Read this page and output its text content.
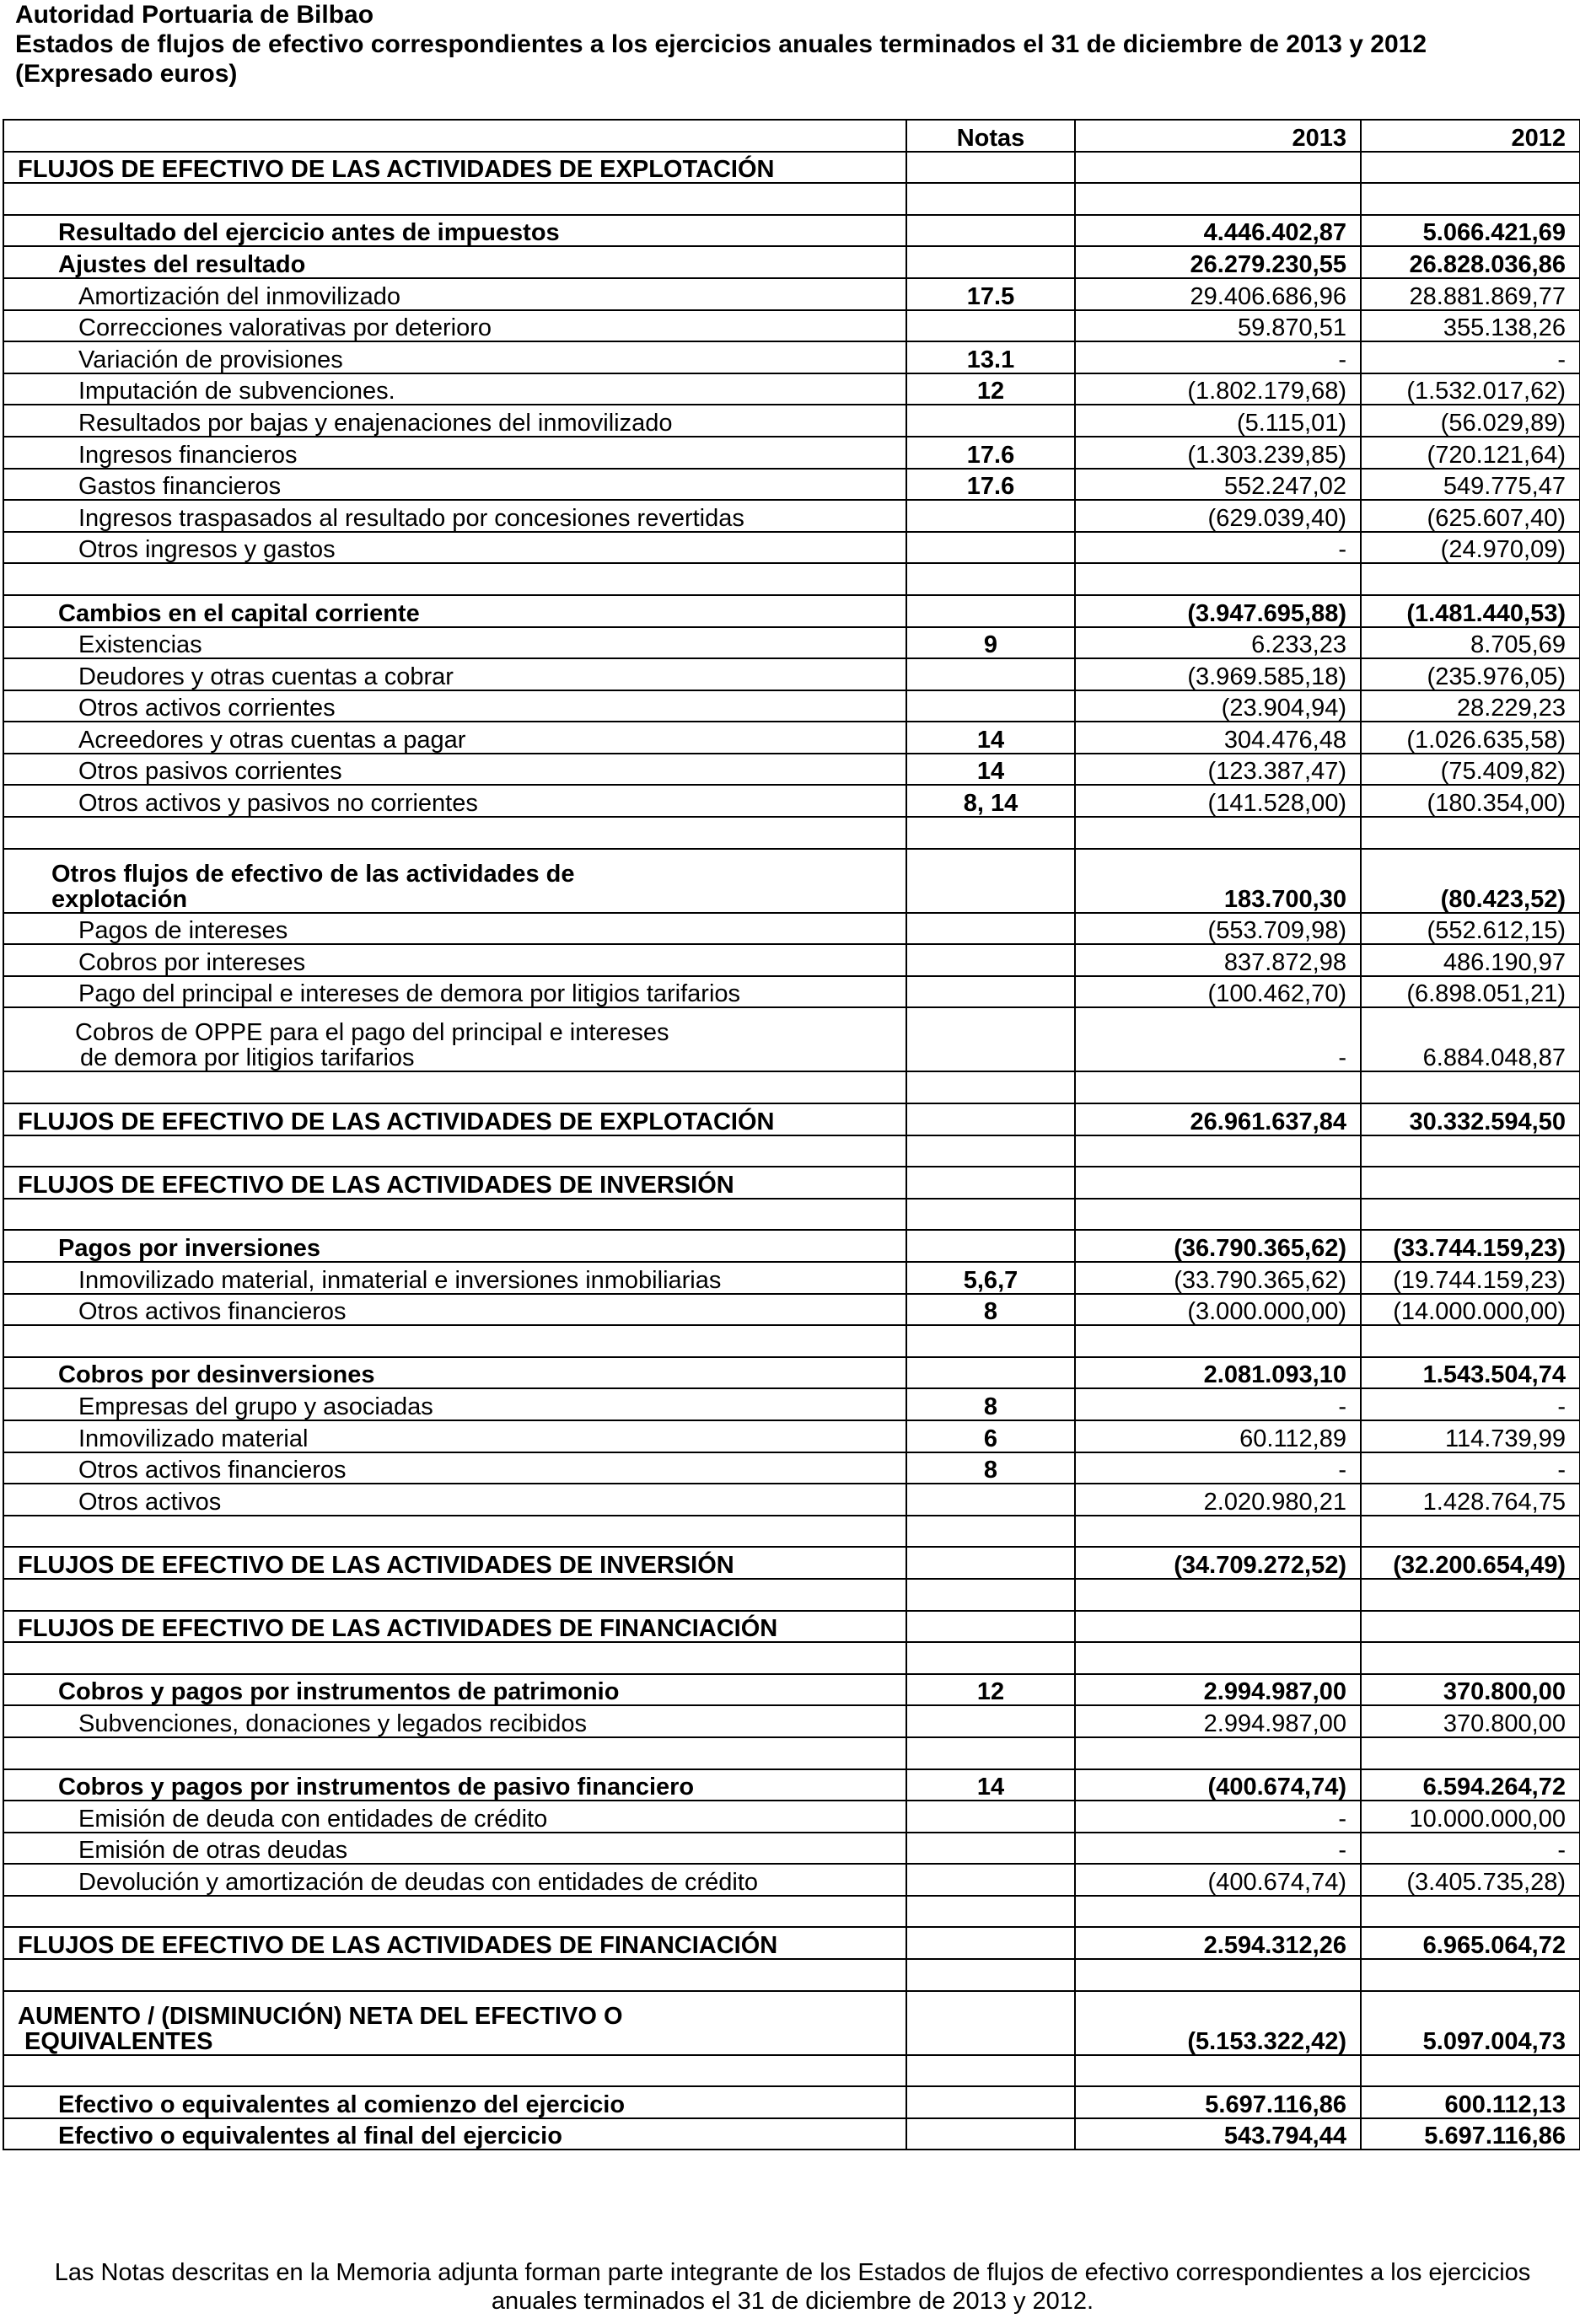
Autoridad Portuaria de Bilbao
Estados de flujos de efectivo correspondientes a los ejercicios anuales terminados el 31 de diciembre de 2013 y 2012
(Expresado euros)
	Notas	2013	2012
FLUJOS DE EFECTIVO DE LAS ACTIVIDADES DE EXPLOTACIÓN			

Resultado del ejercicio antes de impuestos		4.446.402,87	5.066.421,69
Ajustes del resultado		26.279.230,55	26.828.036,86
Amortización del inmovilizado	17.5	29.406.686,96	28.881.869,77
Correcciones valorativas por deterioro		59.870,51	355.138,26
Variación de provisiones	13.1	-	-
Imputación de subvenciones.	12	(1.802.179,68)	(1.532.017,62)
Resultados por bajas y enajenaciones del inmovilizado		(5.115,01)	(56.029,89)
Ingresos financieros	17.6	(1.303.239,85)	(720.121,64)
Gastos financieros	17.6	552.247,02	549.775,47
Ingresos traspasados al resultado por concesiones revertidas		(629.039,40)	(625.607,40)
Otros ingresos y gastos		-	(24.970,09)

Cambios en el capital corriente		(3.947.695,88)	(1.481.440,53)
Existencias	9	6.233,23	8.705,69
Deudores y otras cuentas a cobrar		(3.969.585,18)	(235.976,05)
Otros activos corrientes		(23.904,94)	28.229,23
Acreedores y otras cuentas a pagar	14	304.476,48	(1.026.635,58)
Otros pasivos corrientes	14	(123.387,47)	(75.409,82)
Otros activos y pasivos no corrientes	8, 14	(141.528,00)	(180.354,00)

Otros flujos de efectivo de las actividades de
explotación		183.700,30	(80.423,52)
Pagos de intereses		(553.709,98)	(552.612,15)
Cobros por intereses		837.872,98	486.190,97
Pago del principal e intereses de demora por litigios tarifarios		(100.462,70)	(6.898.051,21)

Cobros de OPPE para el pago del principal e intereses
de demora por litigios tarifarios		-	6.884.048,87

FLUJOS DE EFECTIVO DE LAS ACTIVIDADES DE EXPLOTACIÓN		26.961.637,84	30.332.594,50

FLUJOS DE EFECTIVO DE LAS ACTIVIDADES DE INVERSIÓN			

Pagos por inversiones		(36.790.365,62)	(33.744.159,23)
Inmovilizado material, inmaterial e inversiones inmobiliarias	5,6,7	(33.790.365,62)	(19.744.159,23)
Otros activos financieros	8	(3.000.000,00)	(14.000.000,00)

Cobros por desinversiones		2.081.093,10	1.543.504,74
Empresas del grupo y asociadas	8	-	-
Inmovilizado material	6	60.112,89	114.739,99
Otros activos financieros	8	-	-
Otros activos		2.020.980,21	1.428.764,75

FLUJOS DE EFECTIVO DE LAS ACTIVIDADES DE INVERSIÓN		(34.709.272,52)	(32.200.654,49)

FLUJOS DE EFECTIVO DE LAS ACTIVIDADES DE FINANCIACIÓN			

Cobros y pagos por instrumentos de patrimonio	12	2.994.987,00	370.800,00
Subvenciones, donaciones y legados recibidos		2.994.987,00	370.800,00

Cobros y pagos por instrumentos de pasivo financiero	14	(400.674,74)	6.594.264,72
Emisión de deuda con entidades de crédito		-	10.000.000,00
Emisión de otras deudas		-	-
Devolución y amortización de deudas con entidades de crédito		(400.674,74)	(3.405.735,28)

FLUJOS DE EFECTIVO DE LAS ACTIVIDADES DE FINANCIACIÓN		2.594.312,26	6.965.064,72

AUMENTO / (DISMINUCIÓN) NETA DEL EFECTIVO O
EQUIVALENTES		(5.153.322,42)	5.097.004,73

Efectivo o equivalentes al comienzo del ejercicio		5.697.116,86	600.112,13
Efectivo o equivalentes al final del ejercicio		543.794,44	5.697.116,86
Las Notas descritas en la Memoria adjunta forman parte integrante de los Estados de flujos de efectivo correspondientes a los ejercicios anuales terminados el 31 de diciembre de 2013 y 2012.
